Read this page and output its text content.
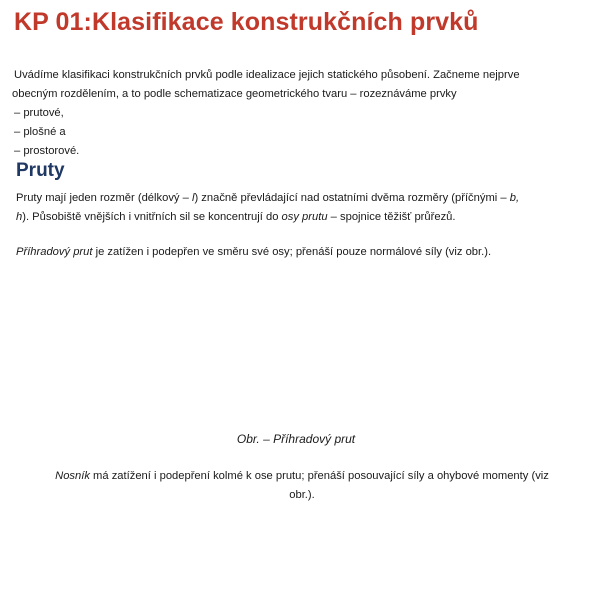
KP 01:Klasifikace konstrukčních prvků

Uvádíme klasifikaci konstrukčních prvků podle idealizace jejich statického působení. Začneme nejprve
obecným rozdělením, a to podle schematizace geometrického tvaru – rozeznáváme prvky

– prutové,
– plošné a
– prostorové.
Pruty

Pruty mají jeden rozměr (délkový – l) značně převládající nad ostatními dvěma rozměry (příčnými – b,
h). Působiště vnějších i vnitřních sil se koncentrují do osy prutu – spojnice těžišť průřezů.

Příhradový prut je zatížen i podepřen ve směru své osy; přenáší pouze normálové síly (viz obr.).

Obr. – Příhradový prut

Nosník má zatížení i podepření kolmé k ose prutu; přenáší posouvající síly a ohybové momenty (viz
obr.).
